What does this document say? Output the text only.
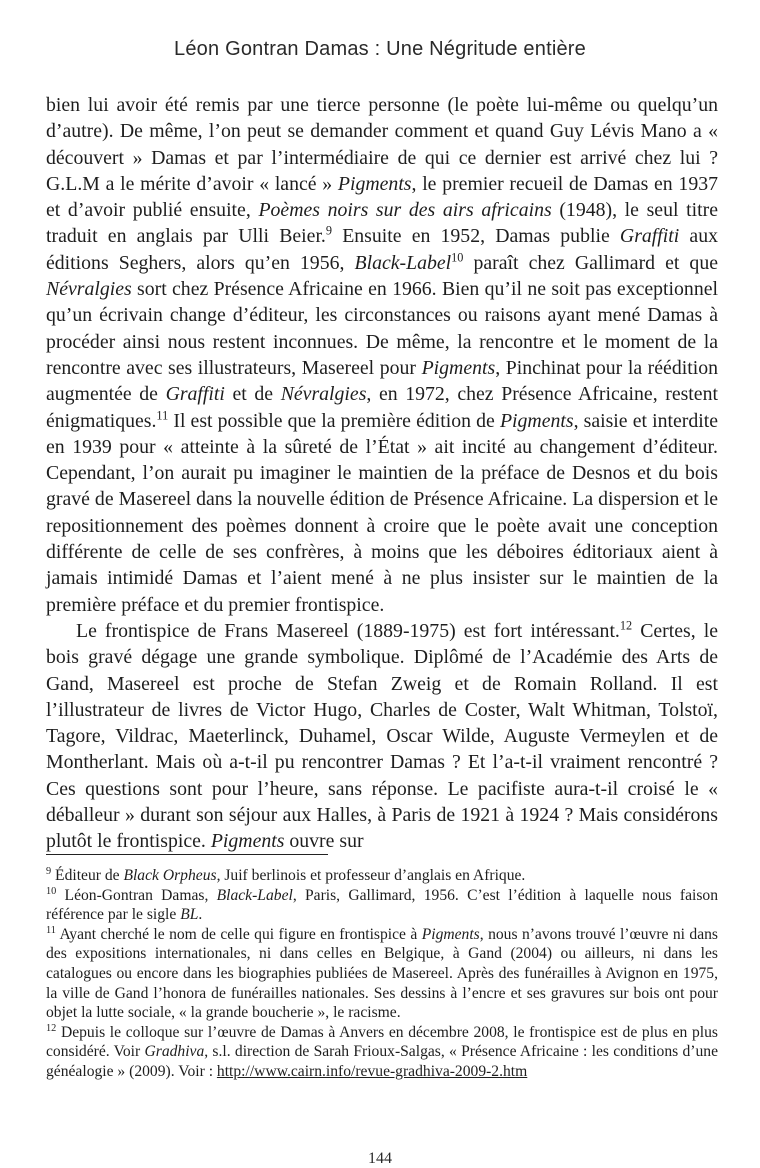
Léon Gontran Damas : Une Négritude entière

bien lui avoir été remis par une tierce personne (le poète lui-même ou quelqu’un d’autre). De même, l’on peut se demander comment et quand Guy Lévis Mano a « découvert » Damas et par l’intermédiaire de qui ce dernier est arrivé chez lui ? G.L.M a le mérite d’avoir « lancé » Pigments, le premier recueil de Damas en 1937 et d’avoir publié ensuite, Poèmes noirs sur des airs africains (1948), le seul titre traduit en anglais par Ulli Beier.$^9$ Ensuite en 1952, Damas publie Graffiti aux éditions Seghers, alors qu’en 1956, Black-Label$^{10}$ paraît chez Gallimard et que Névralgies sort chez Présence Africaine en 1966. Bien qu’il ne soit pas exceptionnel qu’un écrivain change d’éditeur, les circonstances ou raisons ayant mené Damas à procéder ainsi nous restent inconnues. De même, la rencontre et le moment de la rencontre avec ses illustrateurs, Masereel pour Pigments, Pinchinat pour la réédition augmentée de Graffiti et de Névralgies, en 1972, chez Présence Africaine, restent énigmatiques.$^{11}$ Il est possible que la première édition de Pigments, saisie et interdite en 1939 pour « atteinte à la sûreté de l’État » ait incité au changement d’éditeur. Cependant, l’on aurait pu imaginer le maintien de la préface de Desnos et du bois gravé de Masereel dans la nouvelle édition de Présence Africaine. La dispersion et le repositionnement des poèmes donnent à croire que le poète avait une conception différente de celle de ses confrères, à moins que les déboires éditoriaux aient à jamais intimidé Damas et l’aient mené à ne plus insister sur le maintien de la première préface et du premier frontispice.

Le frontispice de Frans Masereel (1889-1975) est fort intéressant.$^{12}$ Certes, le bois gravé dégage une grande symbolique. Diplômé de l’Académie des Arts de Gand, Masereel est proche de Stefan Zweig et de Romain Rolland. Il est l’illustrateur de livres de Victor Hugo, Charles de Coster, Walt Whitman, Tolstoï, Tagore, Vildrac, Maeterlinck, Duhamel, Oscar Wilde, Auguste Vermeylen et de Montherlant. Mais où a-t-il pu rencontrer Damas ? Et l’a-t-il vraiment rencontré ? Ces questions sont pour l’heure, sans réponse. Le pacifiste aura-t-il croisé le « déballeur » durant son séjour aux Halles, à Paris de 1921 à 1924 ? Mais considérons plutôt le frontispice. Pigments ouvre sur

$^9$ Éditeur de Black Orpheus, Juif berlinois et professeur d’anglais en Afrique.

$^{10}$ Léon-Gontran Damas, Black-Label, Paris, Gallimard, 1956. C’est l’édition à laquelle nous faison référence par le sigle BL.

$^{11}$ Ayant cherché le nom de celle qui figure en frontispice à Pigments, nous n’avons trouvé l’œuvre ni dans des expositions internationales, ni dans celles en Belgique, à Gand (2004) ou ailleurs, ni dans les catalogues ou encore dans les biographies publiées de Masereel. Après des funérailles à Avignon en 1975, la ville de Gand l’honora de funérailles nationales. Ses dessins à l’encre et ses gravures sur bois ont pour objet la lutte sociale, « la grande boucherie », le racisme.

$^{12}$ Depuis le colloque sur l’œuvre de Damas à Anvers en décembre 2008, le frontispice est de plus en plus considéré. Voir Gradhiva, s.l. direction de Sarah Frioux-Salgas, « Présence Africaine : les conditions d’une généalogie » (2009). Voir : http://www.cairn.info/revue-gradhiva-2009-2.htm

144
